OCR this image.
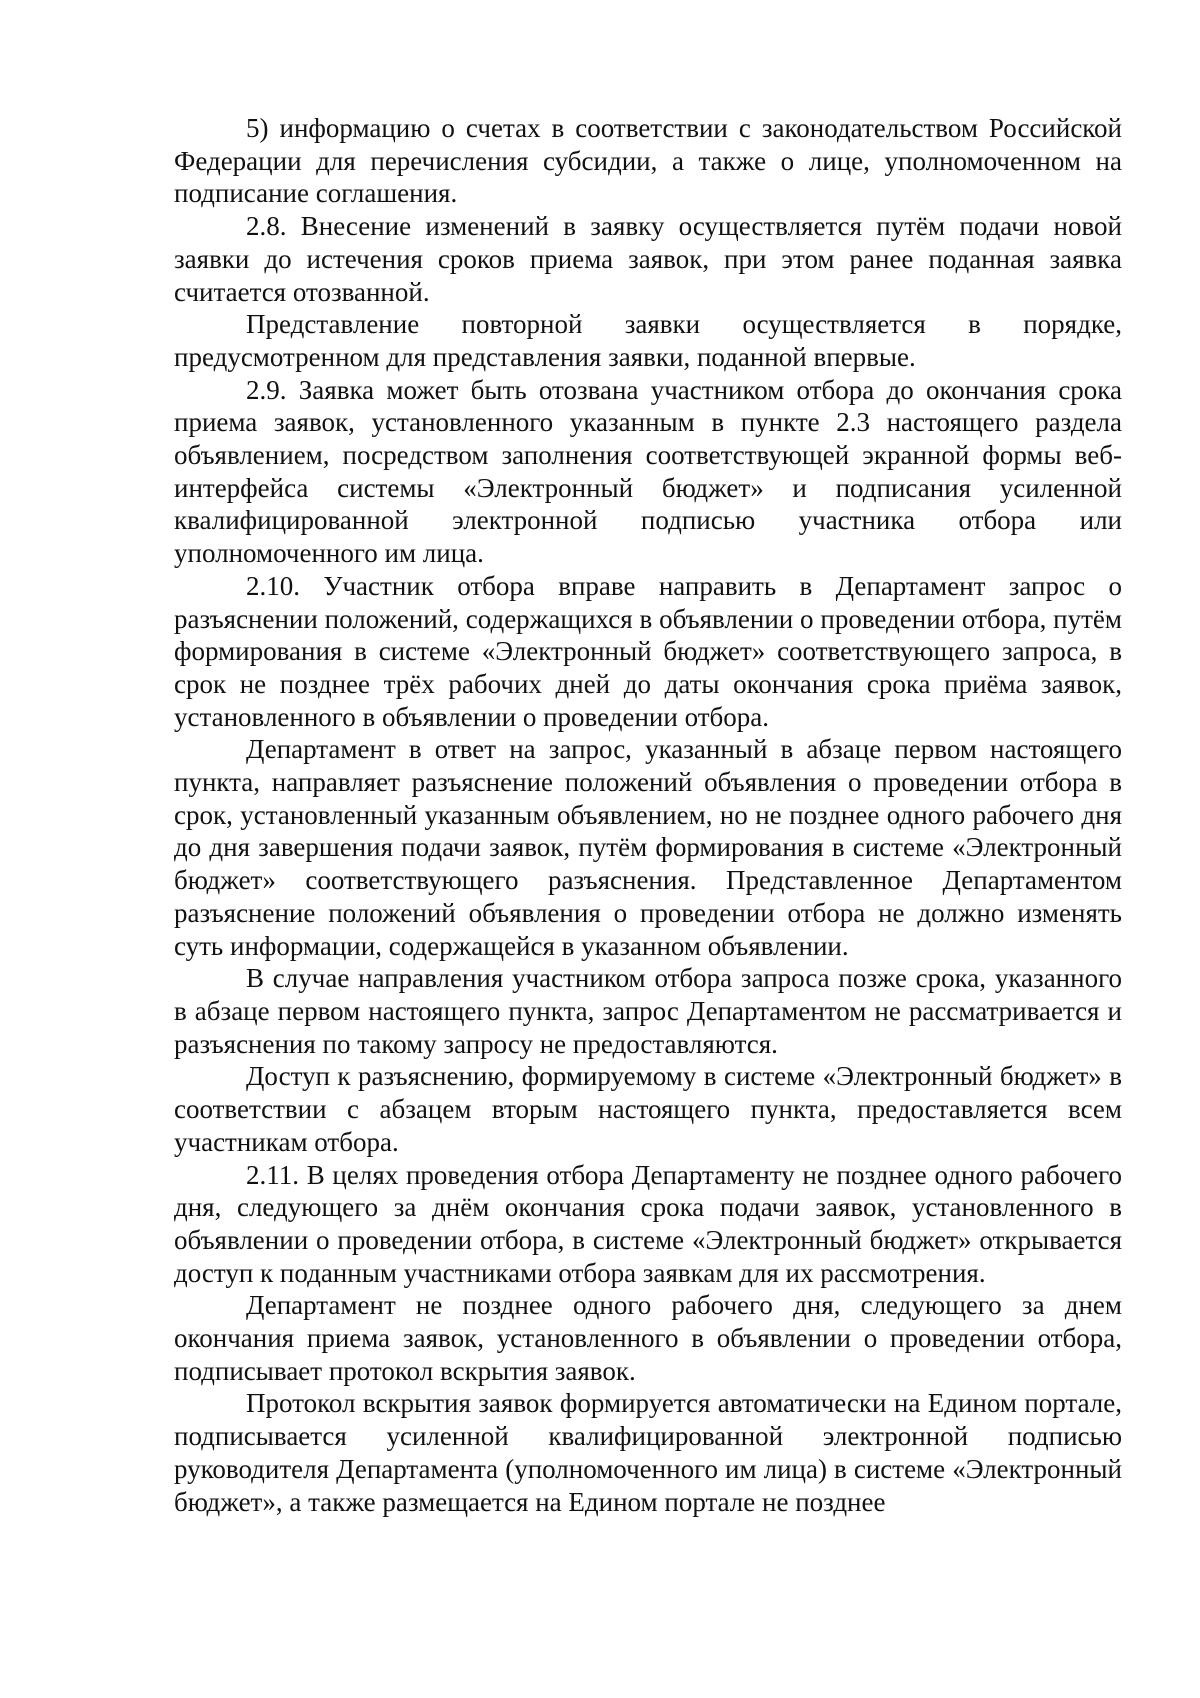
5) информацию о счетах в соответствии с законодательством Российской Федерации для перечисления субсидии, а также о лице, уполномоченном на подписание соглашения.

2.8. Внесение изменений в заявку осуществляется путём подачи новой заявки до истечения сроков приема заявок, при этом ранее поданная заявка считается отозванной.

Представление повторной заявки осуществляется в порядке, предусмотренном для представления заявки, поданной впервые.

2.9. Заявка может быть отозвана участником отбора до окончания срока приема заявок, установленного указанным в пункте 2.3 настоящего раздела объявлением, посредством заполнения соответствующей экранной формы веб-интерфейса системы «Электронный бюджет» и подписания усиленной квалифицированной электронной подписью участника отбора или уполномоченного им лица.

2.10. Участник отбора вправе направить в Департамент запрос о разъяснении положений, содержащихся в объявлении о проведении отбора, путём формирования в системе «Электронный бюджет» соответствующего запроса, в срок не позднее трёх рабочих дней до даты окончания срока приёма заявок, установленного в объявлении о проведении отбора.

Департамент в ответ на запрос, указанный в абзаце первом настоящего пункта, направляет разъяснение положений объявления о проведении отбора в срок, установленный указанным объявлением, но не позднее одного рабочего дня до дня завершения подачи заявок, путём формирования в системе «Электронный бюджет» соответствующего разъяснения. Представленное Департаментом разъяснение положений объявления о проведении отбора не должно изменять суть информации, содержащейся в указанном объявлении.

В случае направления участником отбора запроса позже срока, указанного в абзаце первом настоящего пункта, запрос Департаментом не рассматривается и разъяснения по такому запросу не предоставляются.

Доступ к разъяснению, формируемому в системе «Электронный бюджет» в соответствии с абзацем вторым настоящего пункта, предоставляется всем участникам отбора.

2.11. В целях проведения отбора Департаменту не позднее одного рабочего дня, следующего за днём окончания срока подачи заявок, установленного в объявлении о проведении отбора, в системе «Электронный бюджет» открывается доступ к поданным участниками отбора заявкам для их рассмотрения.

Департамент не позднее одного рабочего дня, следующего за днем окончания приема заявок, установленного в объявлении о проведении отбора, подписывает протокол вскрытия заявок.

Протокол вскрытия заявок формируется автоматически на Едином портале, подписывается усиленной квалифицированной электронной подписью руководителя Департамента (уполномоченного им лица) в системе «Электронный бюджет», а также размещается на Едином портале не позднее
